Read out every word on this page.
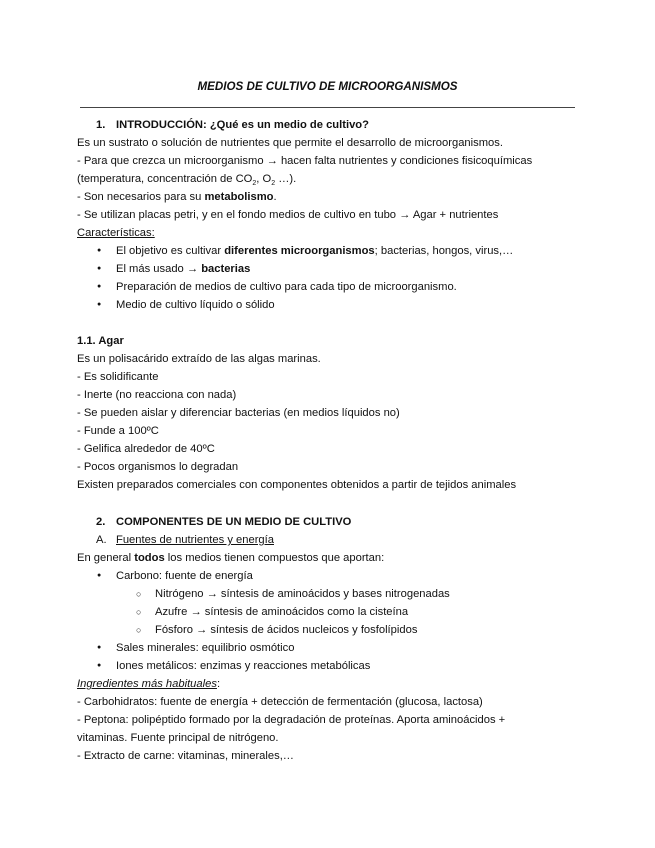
MEDIOS DE CULTIVO DE MICROORGANISMOS
1. INTRODUCCIÓN: ¿Qué es un medio de cultivo?
Es un sustrato o solución de nutrientes que permite el desarrollo de microorganismos.
- Para que crezca un microorganismo → hacen falta nutrientes y condiciones fisicoquímicas
(temperatura, concentración de $CO_2$, $O_2$ …).
- Son necesarios para su metabolismo.
- Se utilizan placas petri, y en el fondo medios de cultivo en tubo → Agar + nutrientes
Características:
● El objetivo es cultivar diferentes microorganismos; bacterias, hongos, virus,…
● El más usado → bacterias
● Preparación de medios de cultivo para cada tipo de microorganismo.
● Medio de cultivo líquido o sólido
1.1. Agar
Es un polisacárido extraído de las algas marinas.
- Es solidificante
- Inerte (no reacciona con nada)
- Se pueden aislar y diferenciar bacterias (en medios líquidos no)
- Funde a 100ºC
- Gelifica alrededor de 40ºC
- Pocos organismos lo degradan
Existen preparados comerciales con componentes obtenidos a partir de tejidos animales
2. COMPONENTES DE UN MEDIO DE CULTIVO
A. Fuentes de nutrientes y energía
En general todos los medios tienen compuestos que aportan:
● Carbono: fuente de energía
○ Nitrógeno → síntesis de aminoácidos y bases nitrogenadas
○ Azufre → síntesis de aminoácidos como la cisteína
○ Fósforo → síntesis de ácidos nucleicos y fosfolípidos
● Sales minerales: equilibrio osmótico
● Iones metálicos: enzimas y reacciones metabólicas
Ingredientes más habituales:
- Carbohidratos: fuente de energía + detección de fermentación (glucosa, lactosa)
- Peptona: polipéptido formado por la degradación de proteínas. Aporta aminoácidos +
vitaminas. Fuente principal de nitrógeno.
- Extracto de carne: vitaminas, minerales,…
